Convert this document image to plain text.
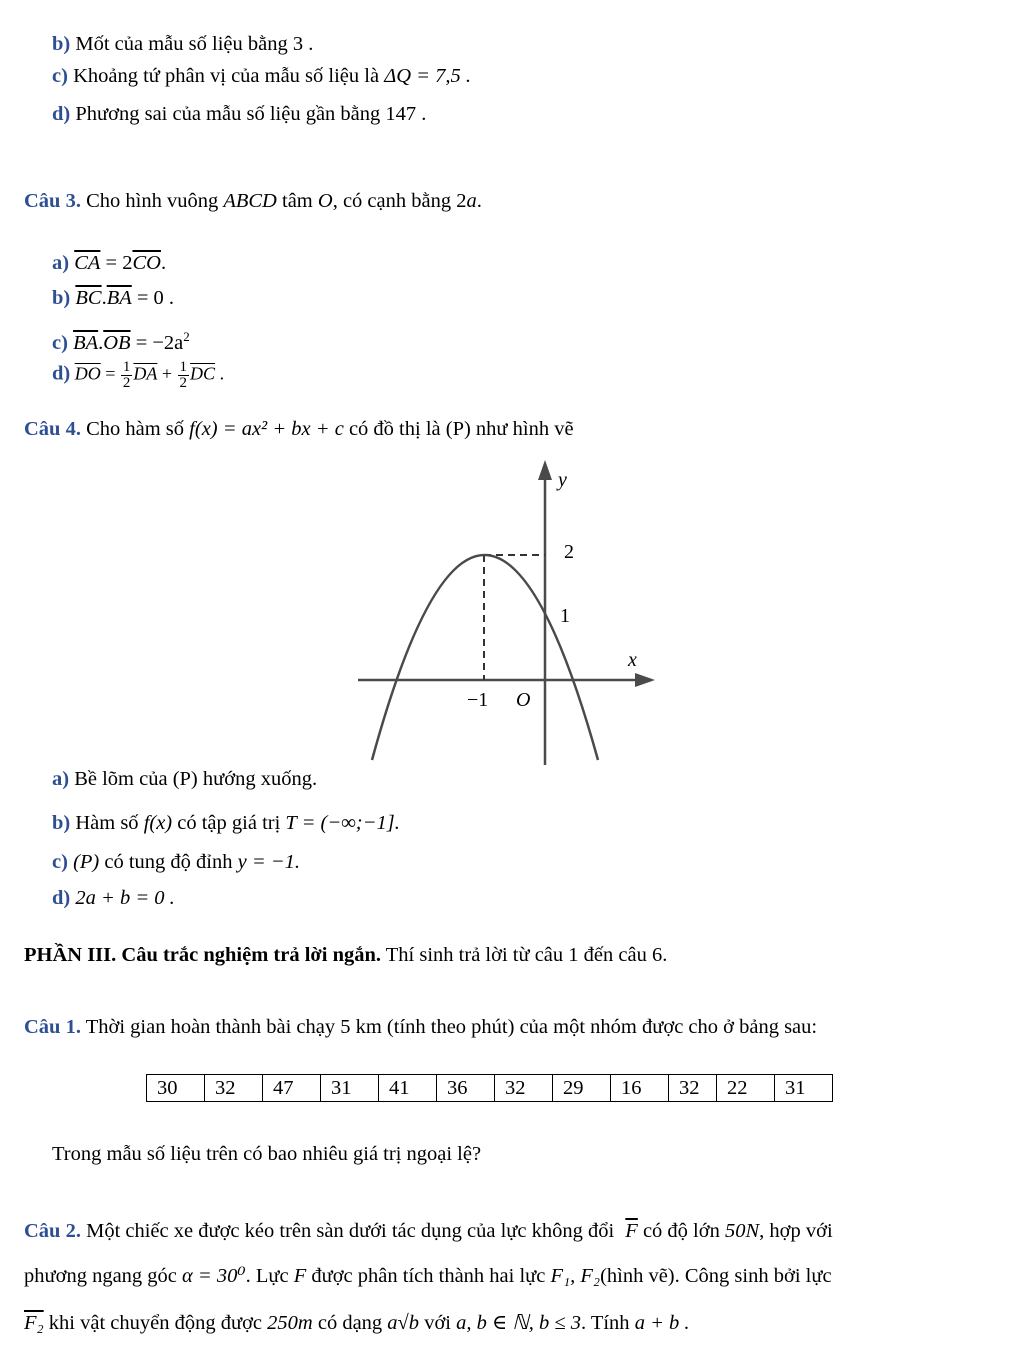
b) Mốt của mẫu số liệu bằng 3 .
c) Khoảng tứ phân vị của mẫu số liệu là ΔQ = 7,5 .
d) Phương sai của mẫu số liệu gần bằng 147 .
Câu 3. Cho hình vuông ABCD tâm O, có cạnh bằng 2a.
a) $\overline{CA} = 2\overline{CO}$.
b) $\overline{BC}.\overline{BA} = 0$ .
c) $\overline{BA}.\overline{OB} = -2a^2$
d) $\overline{DO} = \frac{1}{2} \overline{DA} + \frac{1}{2} \overline{DC}$ .
Câu 4. Cho hàm số f(x) = ax² + bx + c có đồ thị là (P) như hình vẽ
y
x
2
1
−1 O
a) Bề lõm của (P) hướng xuống.
b) Hàm số f(x) có tập giá trị T = (−∞;−1].
c) (P) có tung độ đỉnh y = −1.
d) 2a + b = 0 .
PHẦN III. Câu trắc nghiệm trả lời ngắn. Thí sinh trả lời từ câu 1 đến câu 6.
Câu 1. Thời gian hoàn thành bài chạy 5 km (tính theo phút) của một nhóm được cho ở bảng sau:
30	32	47	31	41	36	32	29	16	32	22	31
Trong mẫu số liệu trên có bao nhiêu giá trị ngoại lệ?
Câu 2. Một chiếc xe được kéo trên sàn dưới tác dụng của lực không đổi $\overline{F}$ có độ lớn 50N, hợp với
phương ngang góc α = 30⁰. Lực F được phân tích thành hai lực F₁, F₂(hình vẽ). Công sinh bởi lực
F₂ khi vật chuyển động được 250m có dạng a√b với a, b ∈ ℕ, b ≤ 3. Tính a + b .
